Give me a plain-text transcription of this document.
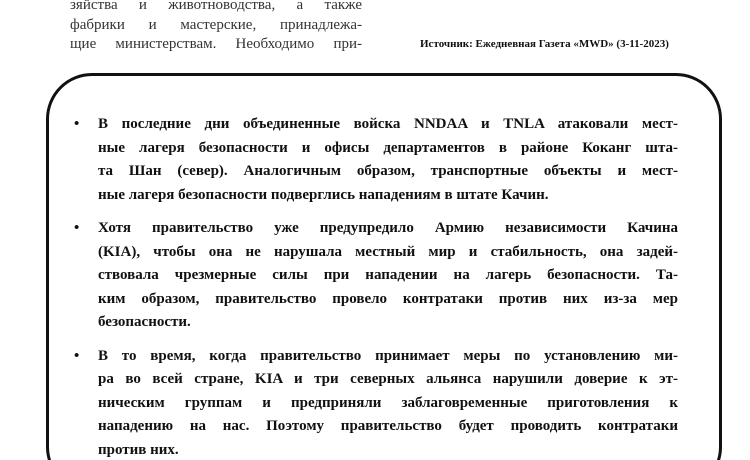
зяйства и животноводства, а также
фабрики и мастерские, принадлежа-
щие министерствам. Необходимо при-	Источник: Ежедневная Газета «MWD» (3-11-2023)
• В последние дни объединенные войска NNDAA и TNLA атаковали мест-
ные лагеря безопасности и офисы департаментов в районе Коканг шта-
та Шан (север). Аналогичным образом, транспортные объекты и мест-
ные лагеря безопасности подверглись нападениям в штате Качин.
• Хотя правительство уже предупредило Армию независимости Качина
(KIA), чтобы она не нарушала местный мир и стабильность, она задей-
ствовала чрезмерные силы при нападении на лагерь безопасности. Та-
ким образом, правительство провело контратаки против них из-за мер
безопасности.
• В то время, когда правительство принимает меры по установлению ми-
ра во всей стране, KIA и три северных альянса нарушили доверие к эт-
ническим группам и предприняли заблаговременные приготовления к
нападению на нас. Поэтому правительство будет проводить контратаки
против них.
